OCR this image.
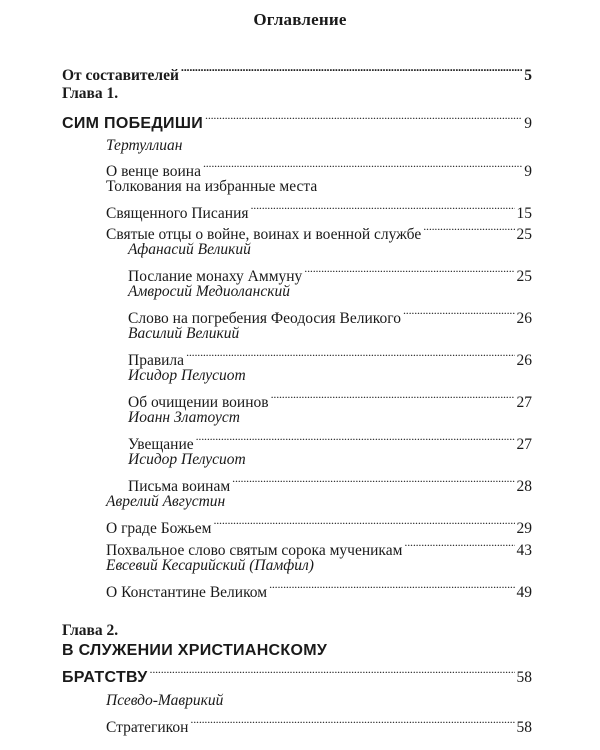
Оглавление
От составителей . . .	5
Глава 1.
СИМ ПОБЕДИШИ . . .	9
Тертуллиан
О венце воина . . .	9
Толкования на избранные места
Священного Писания . . .	15
Святые отцы о войне, воинах и военной службе . . .	25
Афанасий Великий
Послание монаху Аммуну . . .	25
Амвросий Медиоланский
Слово на погребения Феодосия Великого . . .	26
Василий Великий
Правила . . .	26
Исидор Пелусиот
Об очищении воинов . . .	27
Иоанн Златоуст
Увещание . . .	27
Исидор Пелусиот
Письма воинам . . .	28
Аврелий Августин
О граде Божьем . . .	29
Похвальное слово святым сорока мученикам . . .	43
Евсевий Кесарийский (Памфил)
О Константине Великом . . .	49
Глава 2.
В СЛУЖЕНИИ ХРИСТИАНСКОМУ
БРАТСТВУ . . .	58
Псевдо-Маврикий
Стратегикон . . .	58
